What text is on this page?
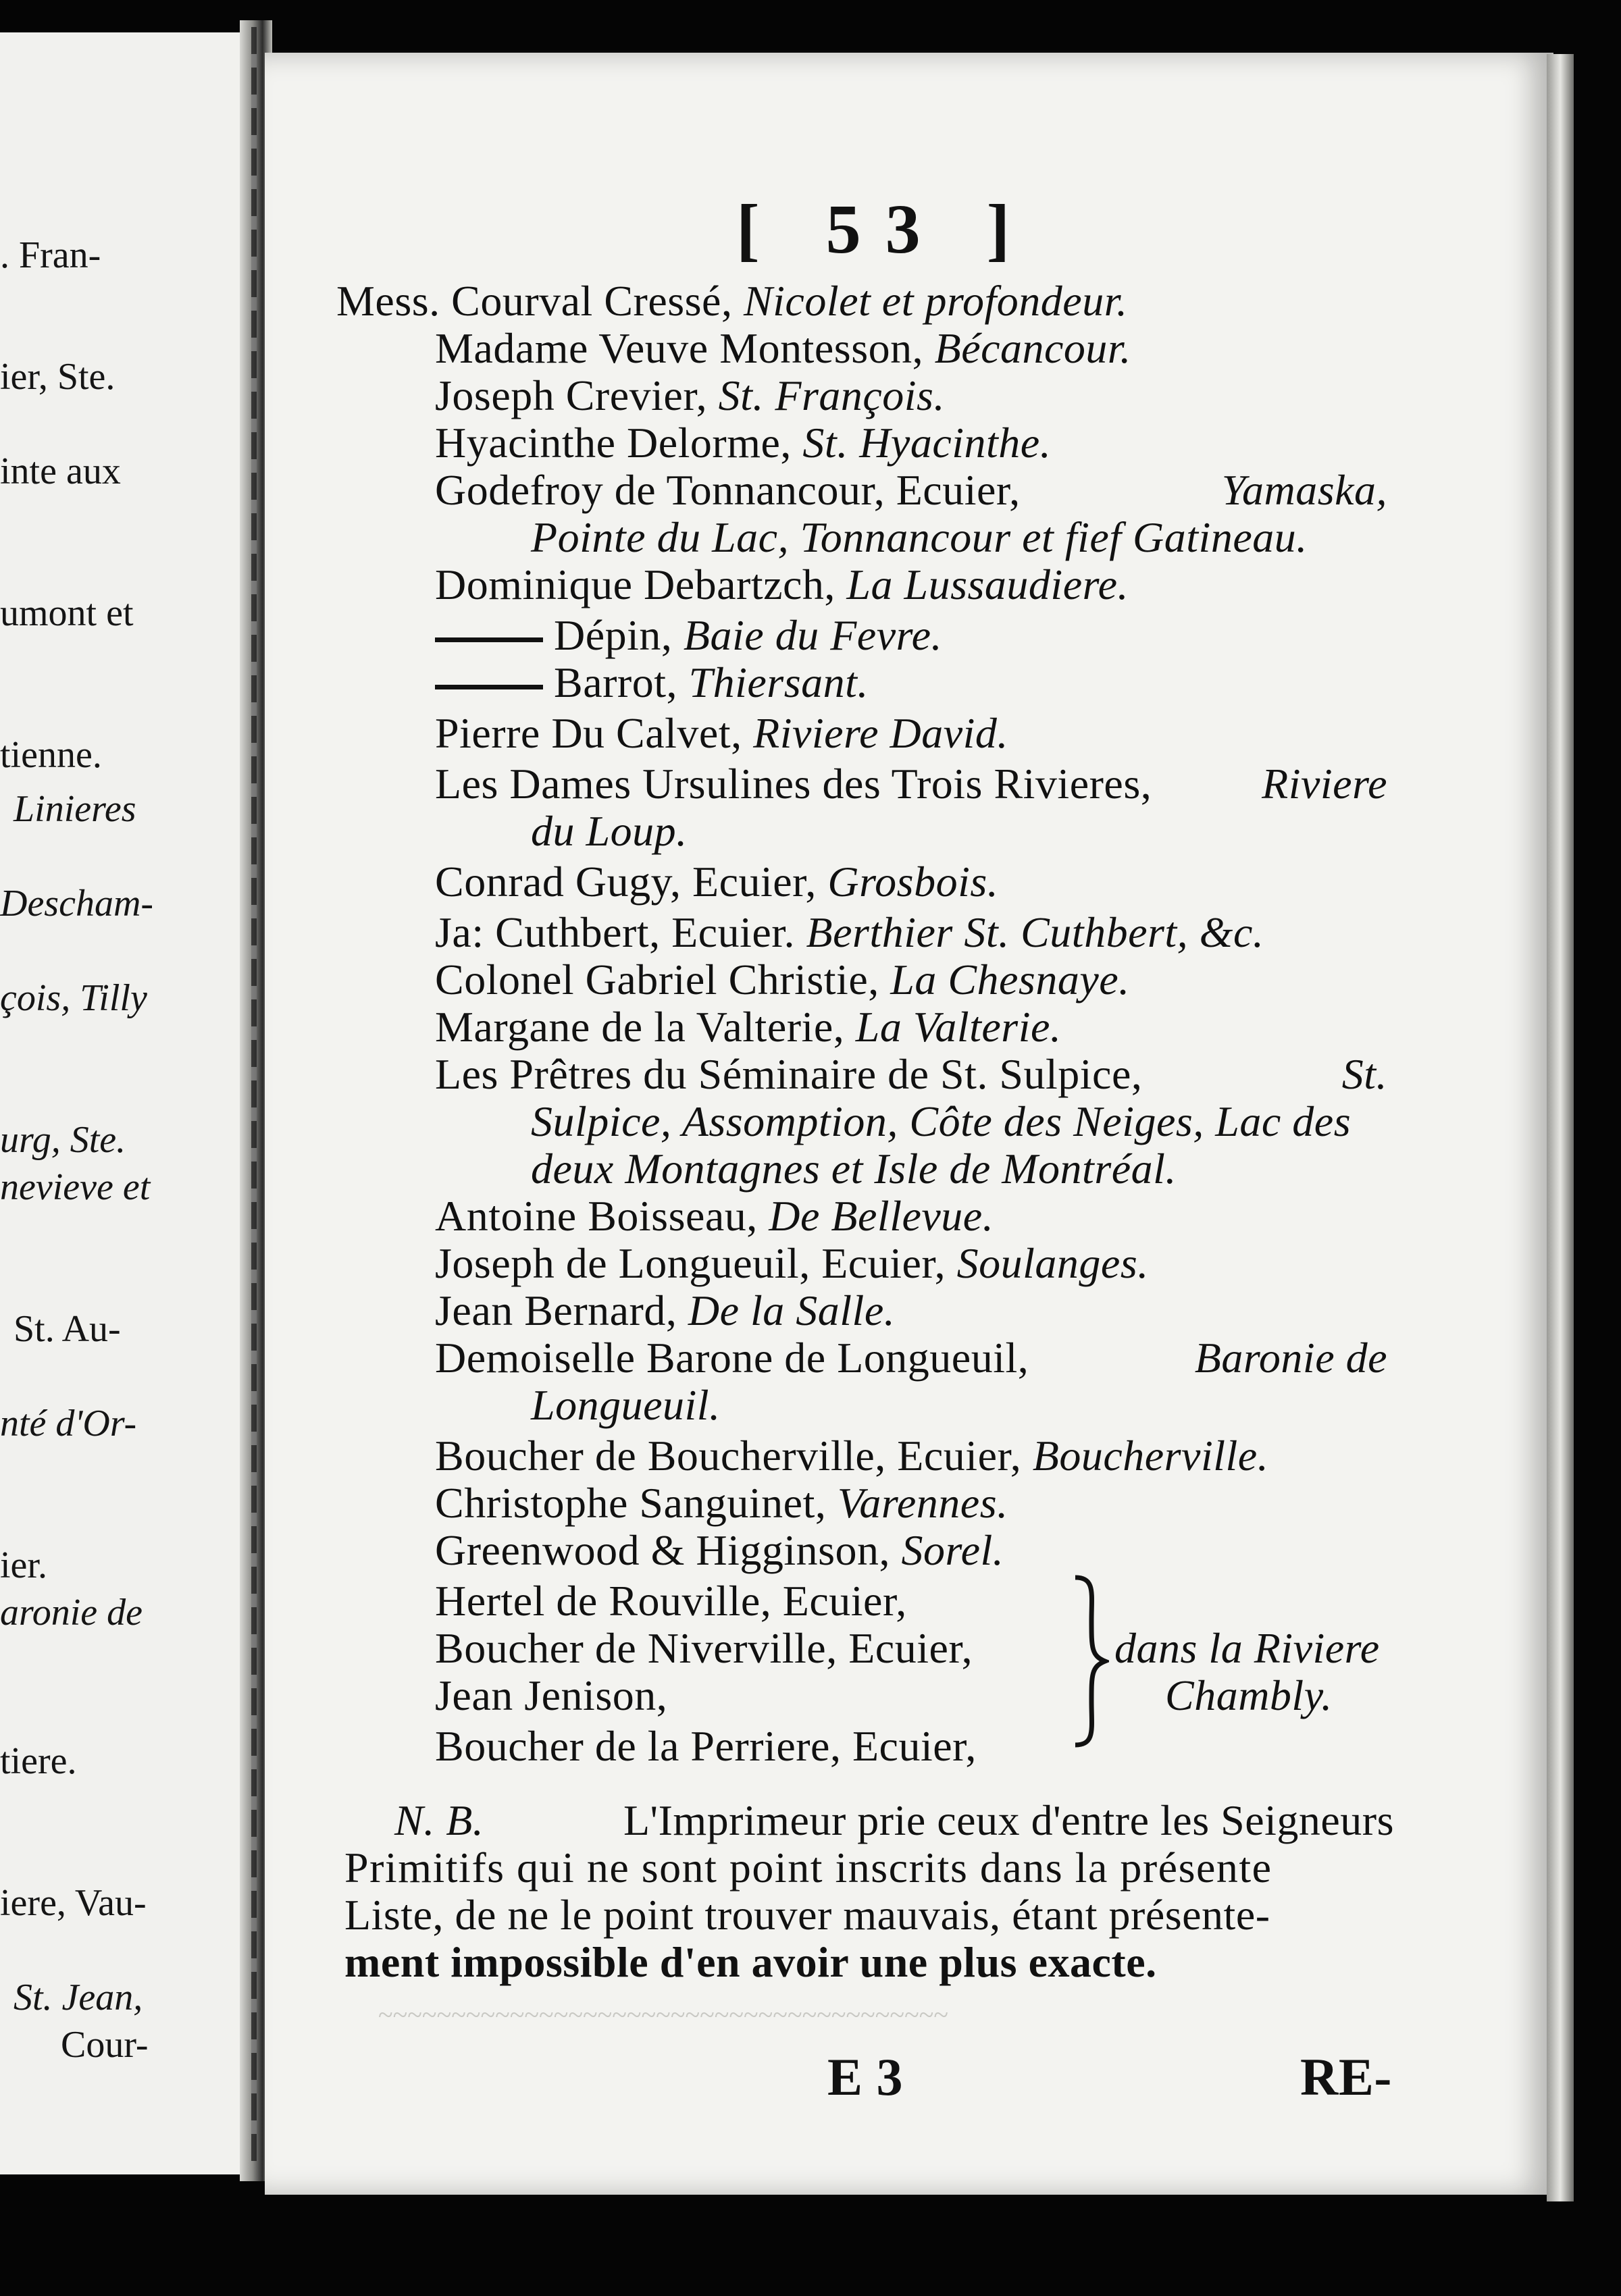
. Fran-
ier, Ste.
inte aux
umont et
tienne.
Linieres
Descham-
çois, Tilly
urg, Ste.
nevieve et
St. Au-
nté d'Or-
ier.
aronie de
tiere.
iere, Vau-
St. Jean,
Cour-
[ 53 ]
Mess. Courval Cressé, Nicolet et profondeur.
Madame Veuve Montesson, Bécancour.
Joseph Crevier, St. François.
Hyacinthe Delorme, St. Hyacinthe.
Godefroy de Tonnancour, Ecuier,	Yamaska,
Pointe du Lac, Tonnancour et fief Gatineau.
Dominique Debartzch, La Lussaudiere.
Dépin, Baie du Fevre.
Barrot, Thiersant.
Pierre Du Calvet, Riviere David.
Les Dames Ursulines des Trois Rivieres,	Riviere
du Loup.
Conrad Gugy, Ecuier, Grosbois.
Ja: Cuthbert, Ecuier. Berthier St. Cuthbert, &c.
Colonel Gabriel Christie, La Chesnaye.
Margane de la Valterie, La Valterie.
Les Prêtres du Séminaire de St. Sulpice,	St.
Sulpice, Assomption, Côte des Neiges, Lac des
deux Montagnes et Isle de Montréal.
Antoine Boisseau, De Bellevue.
Joseph de Longueuil, Ecuier, Soulanges.
Jean Bernard, De la Salle.
Demoiselle Barone de Longueuil,	Baronie de
Longueuil.
Boucher de Boucherville, Ecuier, Boucherville.
Christophe Sanguinet, Varennes.
Greenwood & Higginson, Sorel.
Hertel de Rouville, Ecuier,
Boucher de Niverville, Ecuier,
Jean Jenison,
Boucher de la Perriere, Ecuier,
dans la Riviere
Chambly.
N. B.	L'Imprimeur prie ceux d'entre les Seigneurs
Primitifs qui ne sont point inscrits dans la présente
Liste, de ne le point trouver mauvais, étant présente-
ment impossible d'en avoir une plus exacte.
~~~~~~~~~~~~~~~~~~~~~~~~~~~~~~~~~~~~~~~
E 3	RE-
